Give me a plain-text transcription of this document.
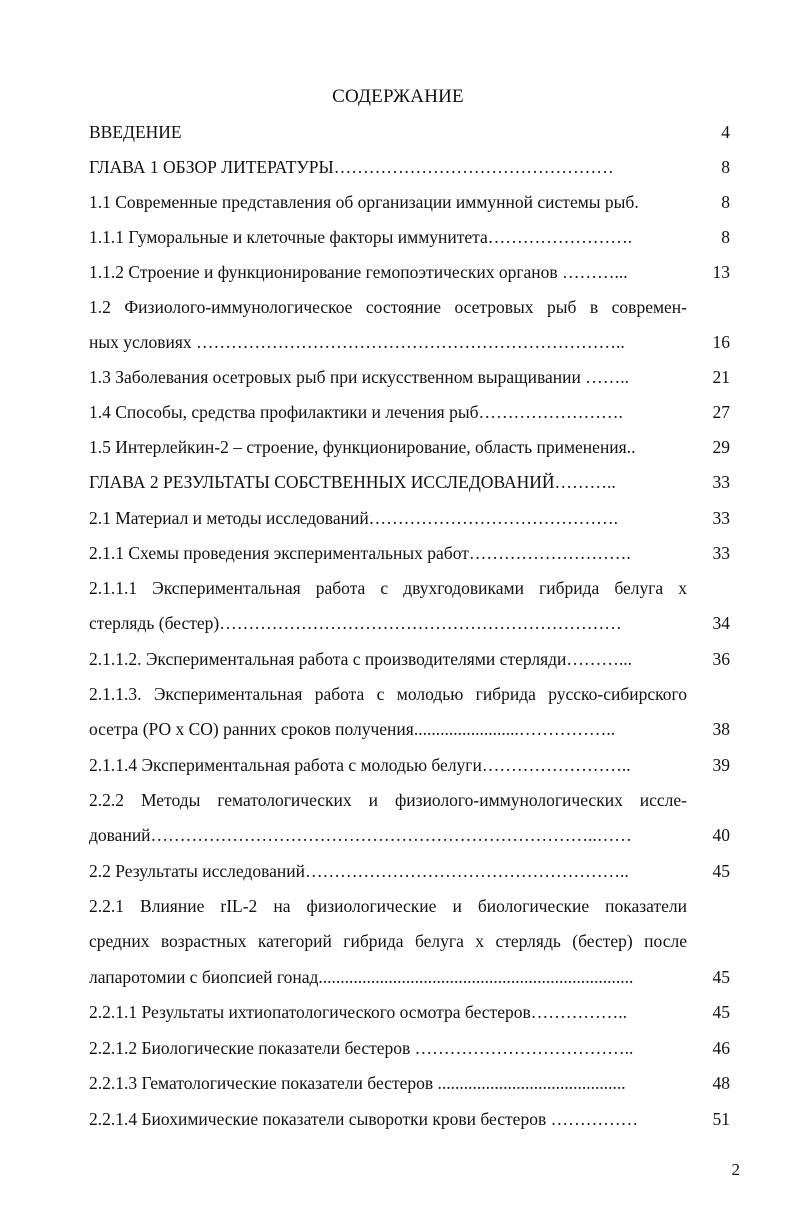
СОДЕРЖАНИЕ
ВВЕДЕНИЕ	4
ГЛАВА 1 ОБЗОР ЛИТЕРАТУРЫ…………………………………………	8
1.1 Современные представления об организации иммунной системы рыб.	8
1.1.1 Гуморальные и клеточные факторы иммунитета…………………….	8
1.1.2 Строение и функционирование гемопоэтических органов ………...	13
1.2 Физиолого-иммунологическое состояние осетровых рыб в современ-
ных условиях ………………………………………………………………..	16
1.3 Заболевания осетровых рыб при искусственном выращивании ……..	21
1.4 Способы, средства профилактики и лечения рыб…………………….	27
1.5 Интерлейкин-2 – строение, функционирование, область применения..	29
ГЛАВА 2 РЕЗУЛЬТАТЫ СОБСТВЕННЫХ ИССЛЕДОВАНИЙ………..	33
2.1 Материал и методы исследований…………………………………….	33
2.1.1 Схемы проведения экспериментальных работ……………………….	33
2.1.1.1 Экспериментальная работа с двухгодовиками гибрида белуга х
стерлядь (бестер)……………………………………………………………	34
2.1.1.2. Экспериментальная работа с производителями стерляди………...	36
2.1.1.3. Экспериментальная работа с молодью гибрида русско-сибирского
осетра (РО х СО) ранних сроков получения........................……………..	38
2.1.1.4 Экспериментальная работа с молодью белуги……………………..	39
2.2.2 Методы гематологических и физиолого-иммунологических иссле-
дований…………………………………………………………………..……	40
2.2 Результаты исследований………………………………………………..	45
2.2.1 Влияние rIL-2 на физиологические и биологические показатели
средних возрастных категорий гибрида белуга х стерлядь (бестер) после
лапаротомии с биопсией гонад........................................................................	45
2.2.1.1 Результаты ихтиопатологического осмотра бестеров……………..	45
2.2.1.2 Биологические показатели бестеров ………………………………..	46
2.2.1.3 Гематологические показатели бестеров ...........................................	48
2.2.1.4 Биохимические показатели сыворотки крови бестеров ……………	51
2
